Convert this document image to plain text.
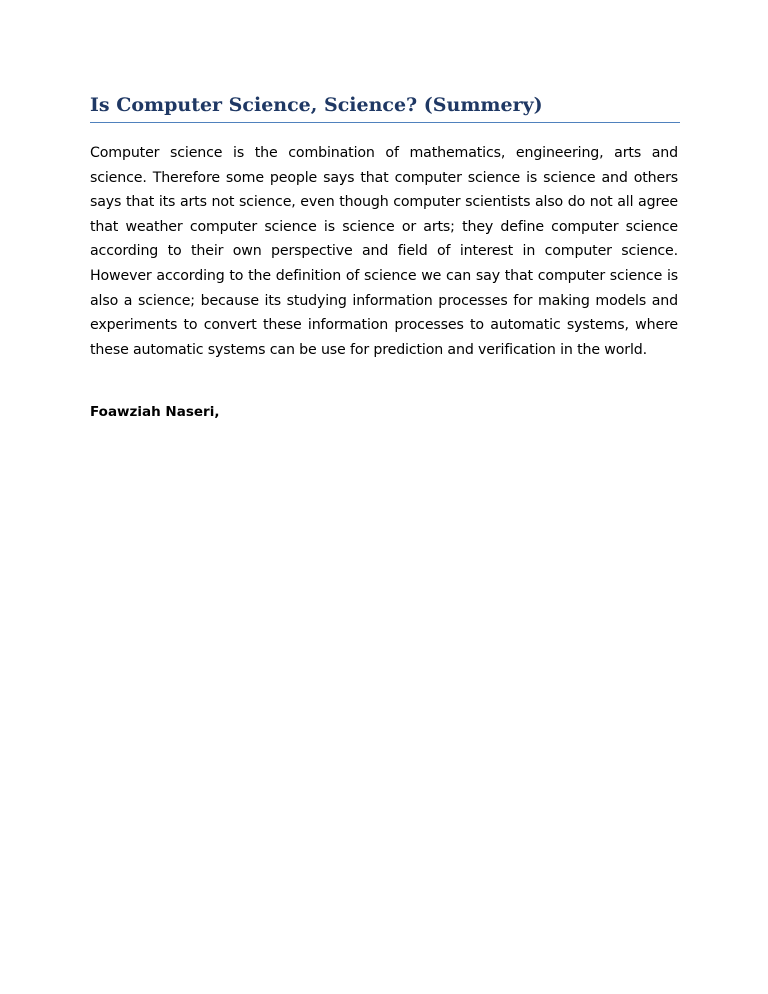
Is Computer Science, Science? (Summery)

Computer science is the combination of mathematics, engineering, arts and science. Therefore some people says that computer science is science and others says that its arts not science, even though computer scientists also do not all agree that weather computer science is science or arts; they define computer science according to their own perspective and field of interest in computer science. However according to the definition of science we can say that computer science is also a science; because its studying information processes for making models and experiments to convert these information processes to automatic systems, where these automatic systems can be use for prediction and verification in the world.

Foawziah Naseri,
